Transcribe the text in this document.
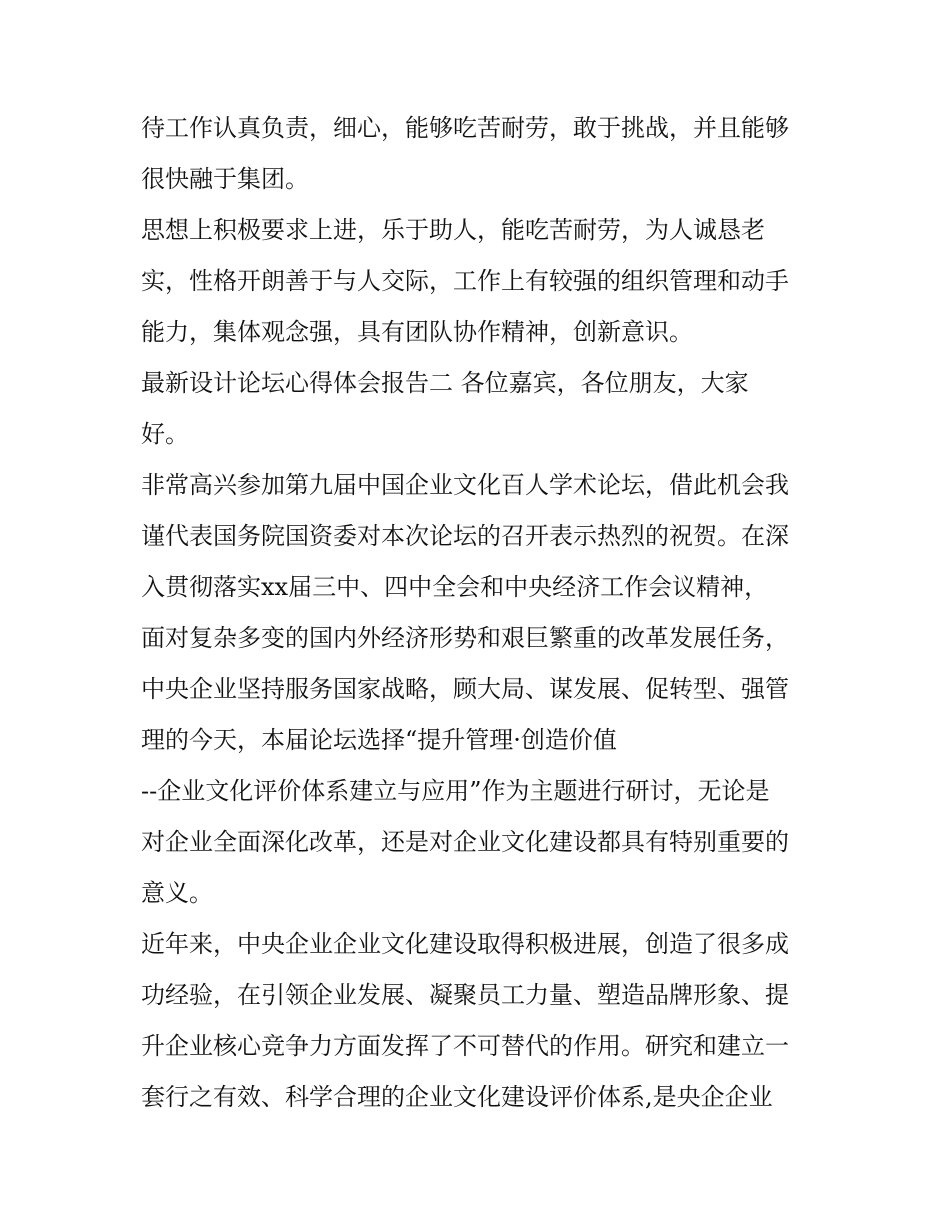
待工作认真负责，细心，能够吃苦耐劳，敢于挑战，并且能够
很快融于集团。
思想上积极要求上进，乐于助人，能吃苦耐劳，为人诚恳老
实，性格开朗善于与人交际，工作上有较强的组织管理和动手
能力，集体观念强，具有团队协作精神，创新意识。
最新设计论坛心得体会报告二 各位嘉宾，各位朋友，大家
好。
非常高兴参加第九届中国企业文化百人学术论坛，借此机会我
谨代表国务院国资委对本次论坛的召开表示热烈的祝贺。在深
入贯彻落实xx届三中、四中全会和中央经济工作会议精神，
面对复杂多变的国内外经济形势和艰巨繁重的改革发展任务，
中央企业坚持服务国家战略，顾大局、谋发展、促转型、强管
理的今天，本届论坛选择“提升管理·创造价值
--企业文化评价体系建立与应用”作为主题进行研讨，无论是
对企业全面深化改革，还是对企业文化建设都具有特别重要的
意义。
近年来，中央企业企业文化建设取得积极进展，创造了很多成
功经验，在引领企业发展、凝聚员工力量、塑造品牌形象、提
升企业核心竞争力方面发挥了不可替代的作用。研究和建立一
套行之有效、科学合理的企业文化建设评价体系,是央企企业
